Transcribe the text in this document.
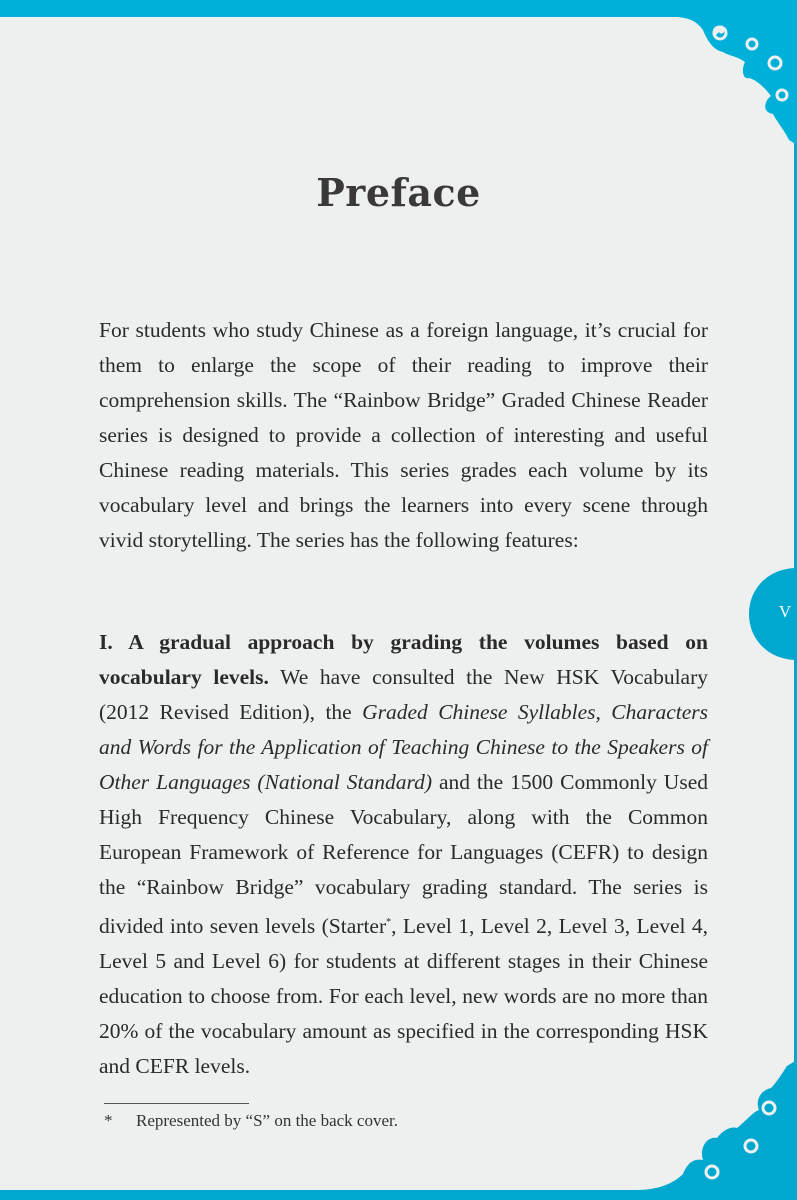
V
Preface
For students who study Chinese as a foreign language, it’s crucial for them to enlarge the scope of their reading to improve their comprehension skills. The “Rainbow Bridge” Graded Chinese Reader series is designed to provide a collection of interesting and useful Chinese reading materials. This series grades each volume by its vocabulary level and brings the learners into every scene through vivid storytelling. The series has the following features:
I. A gradual approach by grading the volumes based on vocabulary levels. We have consulted the New HSK Vocabulary (2012 Revised Edition), the Graded Chinese Syllables, Characters and Words for the Application of Teaching Chinese to the Speakers of Other Languages (National Standard) and the 1500 Commonly Used High Frequency Chinese Vocabulary, along with the Common European Framework of Reference for Languages (CEFR) to design the “Rainbow Bridge” vocabulary grading standard. The series is divided into seven levels (Starter*, Level 1, Level 2, Level 3, Level 4, Level 5 and Level 6) for students at different stages in their Chinese education to choose from. For each level, new words are no more than 20% of the vocabulary amount as specified in the corresponding HSK and CEFR levels.
* Represented by “S” on the back cover.
